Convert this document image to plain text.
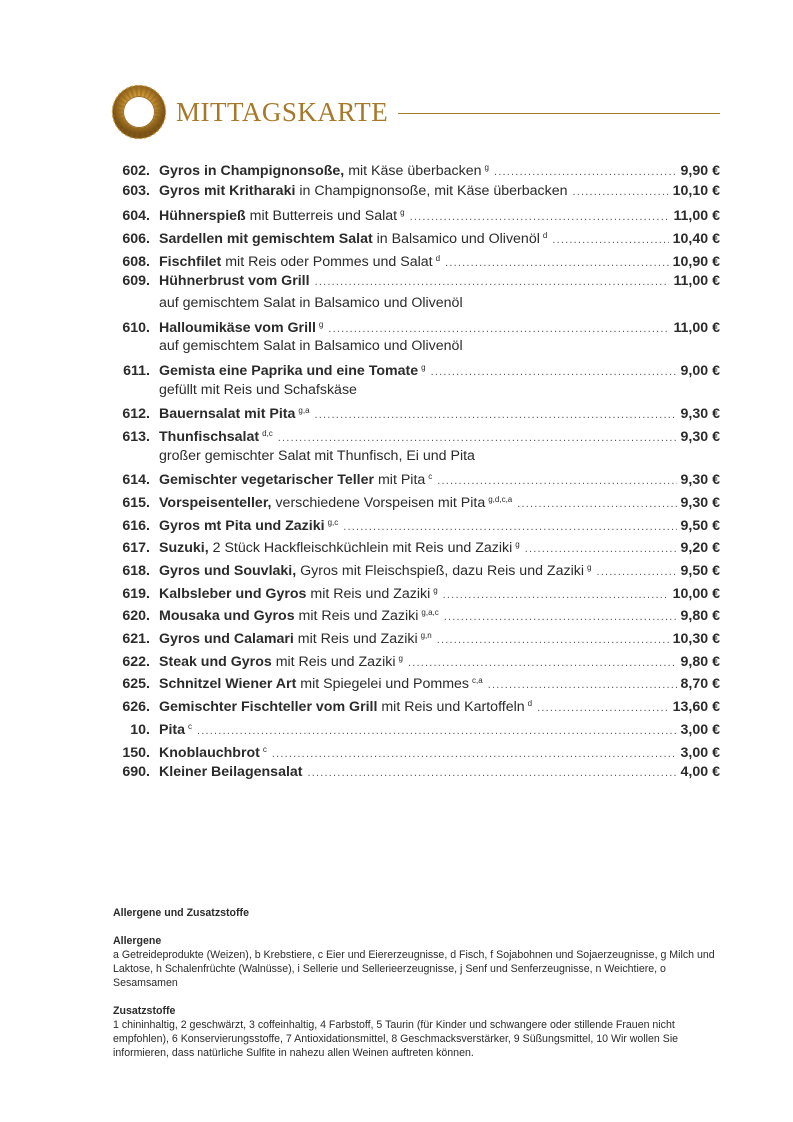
MITTAGSKARTE
602. Gyros in Champignonsoße, mit Käse überbacken $^g$ .....	9,90 €
603. Gyros mit Kritharaki in Champignonsoße, mit Käse überbacken .....	10,10 €
604. Hühnerspieß mit Butterreis und Salat $^g$ .....	11,00 €
606. Sardellen mit gemischtem Salat in Balsamico und Olivenöl $^d$ .....	10,40 €
608. Fischfilet mit Reis oder Pommes und Salat $^d$ .....	10,90 €
609. Hühnerbrust vom Grill .....	11,00 €
auf gemischtem Salat in Balsamico und Olivenöl
610. Halloumikäse vom Grill $^g$ .....	11,00 €
auf gemischtem Salat in Balsamico und Olivenöl
611. Gemista eine Paprika und eine Tomate $^g$ .....	9,00 €
gefüllt mit Reis und Schafskäse
612. Bauernsalat mit Pita $^{g,a}$ .....	9,30 €
613. Thunfischsalat $^{d,c}$ .....	9,30 €
großer gemischter Salat mit Thunfisch, Ei und Pita
614. Gemischter vegetarischer Teller mit Pita $^c$ .....	9,30 €
615. Vorspeisenteller, verschiedene Vorspeisen mit Pita $^{g,d,c,a}$ .....	9,30 €
616. Gyros mt Pita und Zaziki $^{g,c}$ .....	9,50 €
617. Suzuki, 2 Stück Hackfleischküchlein mit Reis und Zaziki $^g$ .....	9,20 €
618. Gyros und Souvlaki, Gyros mit Fleischspieß, dazu Reis und Zaziki $^g$ .....	9,50 €
619. Kalbsleber und Gyros mit Reis und Zaziki $^g$ .....	10,00 €
620. Mousaka und Gyros mit Reis und Zaziki $^{g,a,c}$ .....	9,80 €
621. Gyros und Calamari mit Reis und Zaziki $^{g,n}$ .....	10,30 €
622. Steak und Gyros mit Reis und Zaziki $^g$ .....	9,80 €
625. Schnitzel Wiener Art mit Spiegelei und Pommes $^{c,a}$ .....	8,70 €
626. Gemischter Fischteller vom Grill mit Reis und Kartoffeln $^d$ .....	13,60 €
10. Pita $^c$ .....	3,00 €
150. Knoblauchbrot $^c$ .....	3,00 €
690. Kleiner Beilagensalat .....	4,00 €

Allergene und Zusatzstoffe

Allergene

a Getreideprodukte (Weizen), b Krebstiere, c Eier und Eiererzeugnisse, d Fisch, f Sojabohnen und Sojaerzeugnisse, g Milch und Laktose, h Schalenfrüchte (Walnüsse), i Sellerie und Sellerieerzeugnisse, j Senf und Senferzeugnisse, n Weichtiere, o Sesamsamen

Zusatzstoffe

1 chininhaltig, 2 geschwärzt, 3 coffeinhaltig, 4 Farbstoff, 5 Taurin (für Kinder und schwangere oder stillende Frauen nicht empfohlen), 6 Konservierungsstoffe, 7 Antioxidationsmittel, 8 Geschmacksverstärker, 9 Süßungsmittel, 10 Wir wollen Sie informieren, dass natürliche Sulfite in nahezu allen Weinen auftreten können.
